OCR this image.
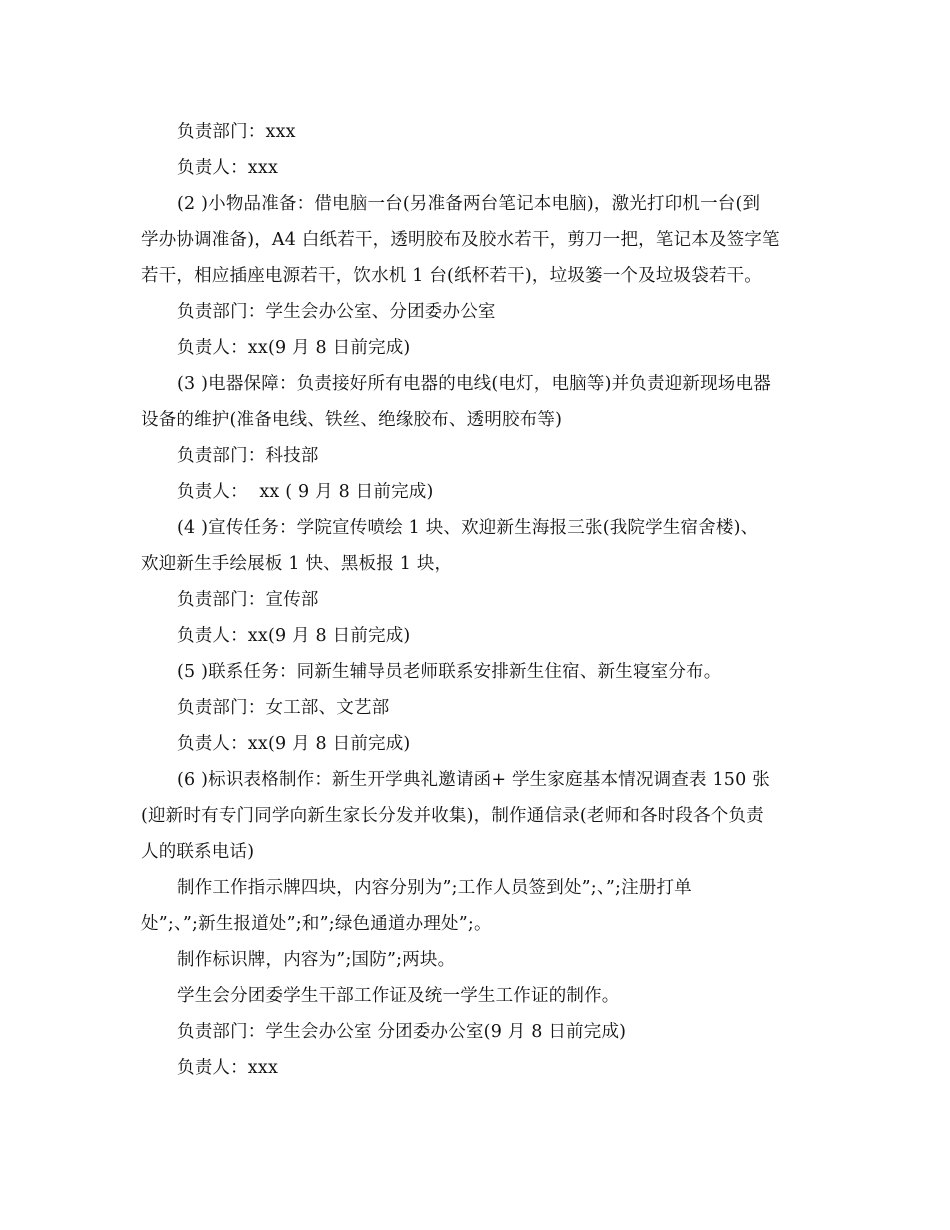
负责部门：xxx

负责人：xxx

(2 )小物品准备：借电脑一台(另准备两台笔记本电脑)，激光打印机一台(到

学办协调准备)，A4 白纸若干，透明胶布及胶水若干，剪刀一把，笔记本及签字笔

若干，相应插座电源若干，饮水机 1 台(纸杯若干)，垃圾篓一个及垃圾袋若干。

负责部门：学生会办公室、分团委办公室

负责人：xx(9 月 8 日前完成)

(3 )电器保障：负责接好所有电器的电线(电灯，电脑等)并负责迎新现场电器

设备的维护(准备电线、铁丝、绝缘胶布、透明胶布等)

负责部门：科技部

负责人：  xx ( 9 月 8 日前完成)

(4 )宣传任务：学院宣传喷绘 1 块、欢迎新生海报三张(我院学生宿舍楼)、

欢迎新生手绘展板 1 快、黑板报 1 块，

负责部门：宣传部

负责人：xx(9 月 8 日前完成)

(5 )联系任务：同新生辅导员老师联系安排新生住宿、新生寝室分布。

负责部门：女工部、文艺部

负责人：xx(9 月 8 日前完成)

(6 )标识表格制作：新生开学典礼邀请函+ 学生家庭基本情况调查表 150 张

(迎新时有专门同学向新生家长分发并收集)，制作通信录(老师和各时段各个负责

人的联系电话)

制作工作指示牌四块，内容分别为”;工作人员签到处”;、”;注册打单

处”;、”;新生报道处”;和”;绿色通道办理处”;。

制作标识牌，内容为”;国防”;两块。

学生会分团委学生干部工作证及统一学生工作证的制作。

负责部门：学生会办公室 分团委办公室(9 月 8 日前完成)

负责人：xxx
